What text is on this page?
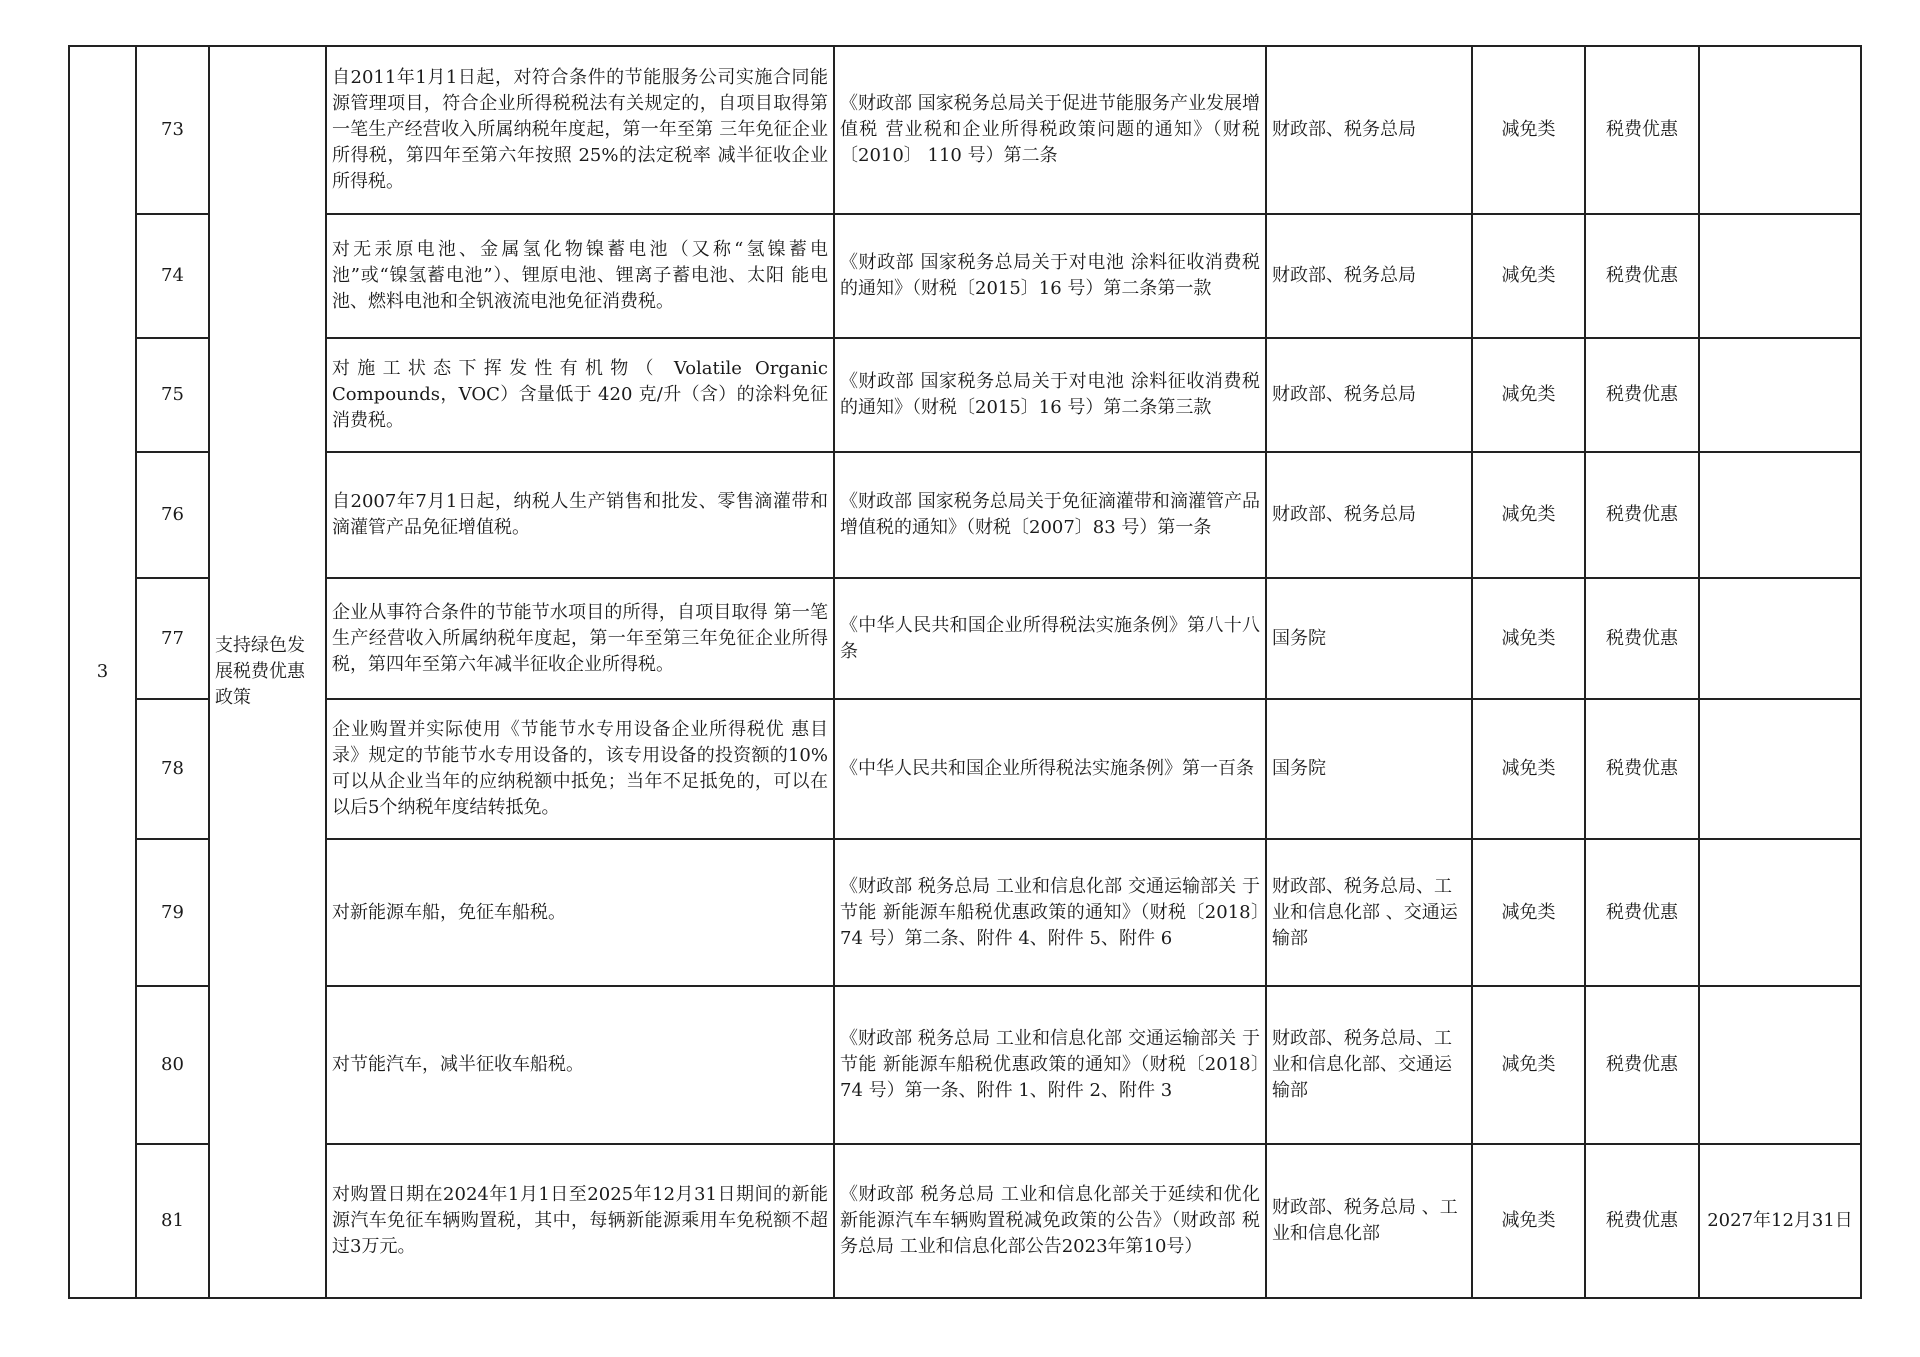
3	73	支持绿色发展税费优惠政策	自2011年1月1日起，对符合条件的节能服务公司实施合同能源管理项目，符合企业所得税税法有关规定的，自项目取得第一笔生产经营收入所属纳税年度起，第一年至第 三年免征企业所得税，第四年至第六年按照 25%的法定税率 减半征收企业所得税。	《财政部 国家税务总局关于促进节能服务产业发展增 值税 营业税和企业所得税政策问题的通知》（财税〔2010〕 110 号）第二条	财政部、税务总局	减免类	税费优惠	
	74		对无汞原电池、金属氢化物镍蓄电池（又称“氢镍蓄电 池”或“镍氢蓄电池”）、锂原电池、锂离子蓄电池、太阳 能电池、燃料电池和全钒液流电池免征消费税。	《财政部 国家税务总局关于对电池 涂料征收消费税 的通知》（财税〔2015〕16 号）第二条第一款	财政部、税务总局	减免类	税费优惠	
	75		对施工状态下挥发性有机物（ Volatile Organic Compounds，VOC）含量低于 420 克/升（含）的涂料免征消费税。	《财政部 国家税务总局关于对电池 涂料征收消费税 的通知》（财税〔2015〕16 号）第二条第三款	财政部、税务总局	减免类	税费优惠	
	76		自2007年7月1日起，纳税人生产销售和批发、零售滴灌带和滴灌管产品免征增值税。	《财政部 国家税务总局关于免征滴灌带和滴灌管产品 增值税的通知》（财税〔2007〕83 号）第一条	财政部、税务总局	减免类	税费优惠	
	77		企业从事符合条件的节能节水项目的所得，自项目取得 第一笔生产经营收入所属纳税年度起，第一年至第三年免征企业所得税，第四年至第六年减半征收企业所得税。	《中华人民共和国企业所得税法实施条例》第八十八 条	国务院	减免类	税费优惠	
	78		企业购置并实际使用《节能节水专用设备企业所得税优 惠目录》规定的节能节水专用设备的，该专用设备的投资额的10%可以从企业当年的应纳税额中抵免；当年不足抵免的，可以在以后5个纳税年度结转抵免。	《中华人民共和国企业所得税法实施条例》第一百条	国务院	减免类	税费优惠	
	79		对新能源车船，免征车船税。	《财政部 税务总局 工业和信息化部 交通运输部关 于节能 新能源车船税优惠政策的通知》（财税〔2018〕74 号）第二条、附件 4、附件 5、附件 6	财政部、税务总局、工业和信息化部 、交通运输部	减免类	税费优惠	
	80		对节能汽车，减半征收车船税。	《财政部 税务总局 工业和信息化部 交通运输部关 于节能 新能源车船税优惠政策的通知》（财税〔2018〕74 号）第一条、附件 1、附件 2、附件 3	财政部、税务总局、工业和信息化部、交通运输部	减免类	税费优惠	
	81		对购置日期在2024年1月1日至2025年12月31日期间的新能源汽车免征车辆购置税，其中，每辆新能源乘用车免税额不超过3万元。	《财政部 税务总局 工业和信息化部关于延续和优化新能源汽车车辆购置税减免政策的公告》（财政部 税务总局 工业和信息化部公告2023年第10号）	财政部、税务总局 、工业和信息化部	减免类	税费优惠	2027年12月31日
